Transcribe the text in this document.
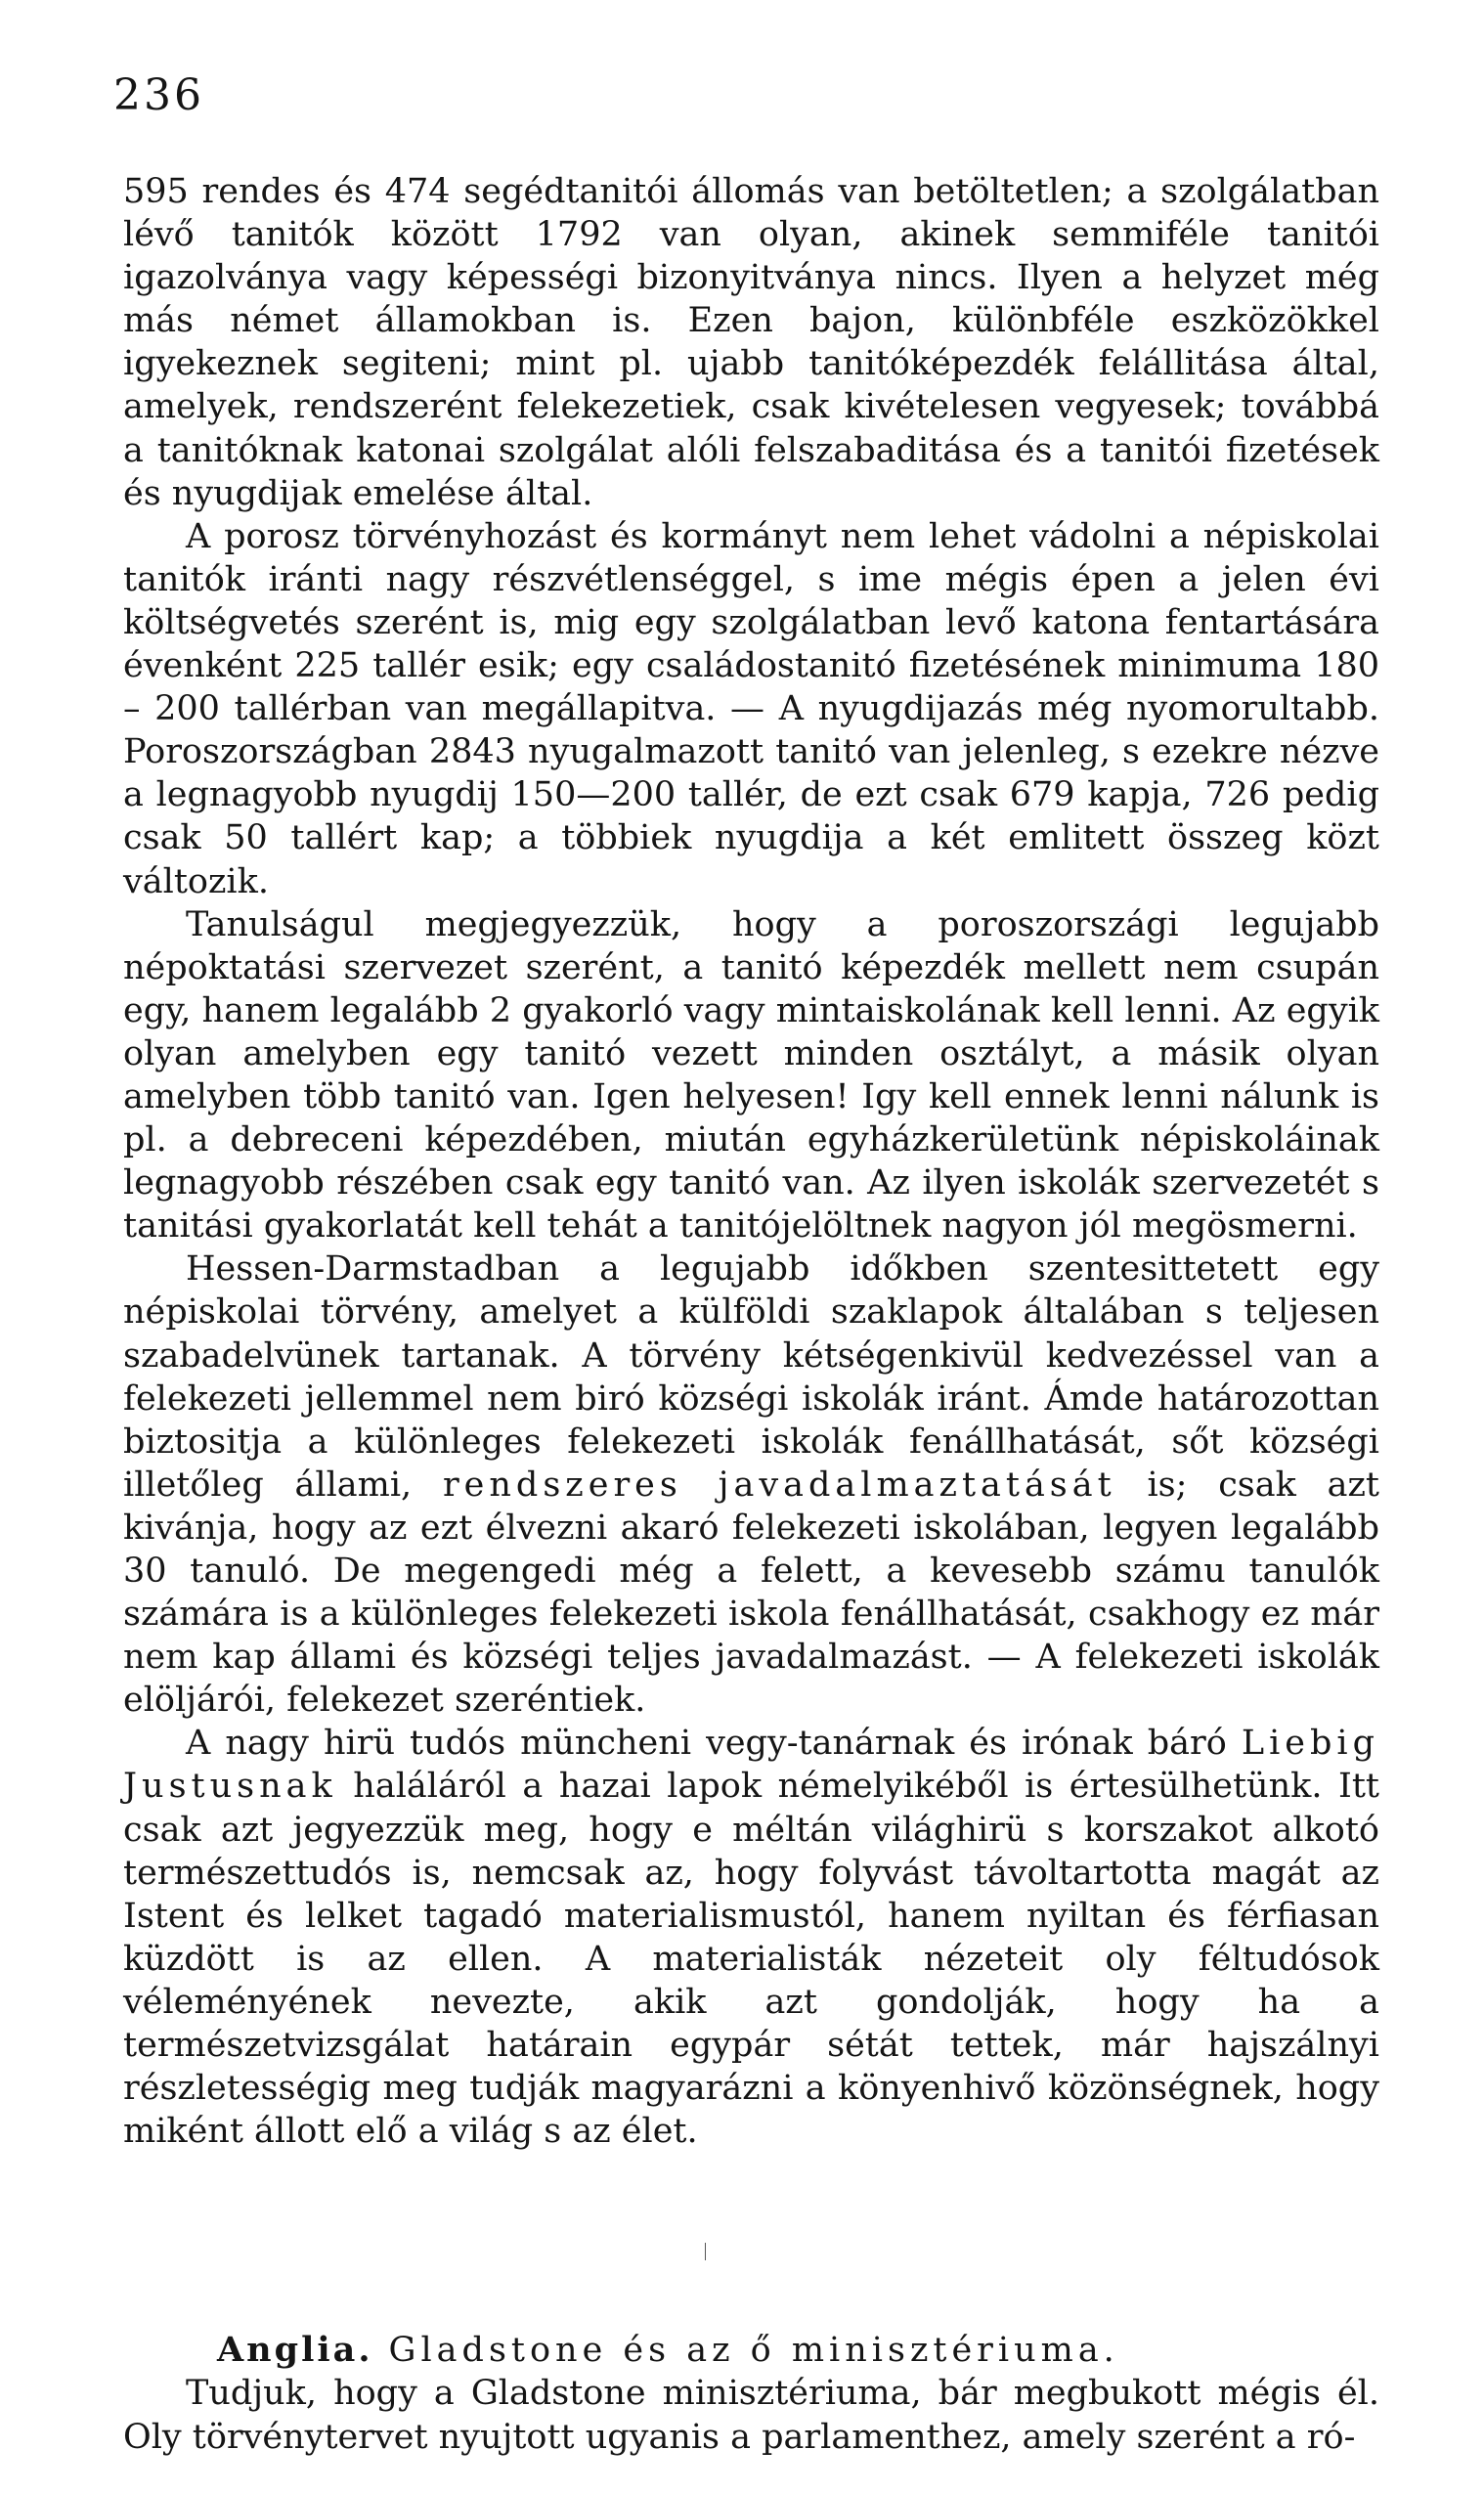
236

595 rendes és 474 segédtanitói állomás van betöltetlen; a szolgálatban lévő tanitók között 1792 van olyan, akinek semmiféle tanitói igazolványa vagy képességi bizonyitványa nincs. Ilyen a helyzet még más német államokban is. Ezen bajon, különbféle eszközökkel igyekeznek segiteni; mint pl. ujabb tanitóképezdék felállitása által, amelyek, rendszerént felekezetiek, csak kivételesen vegyesek; továbbá a tanitóknak katonai szolgálat alóli felszabaditása és a tanitói fizetések és nyugdijak emelése által.

A porosz törvényhozást és kormányt nem lehet vádolni a népiskolai tanitók iránti nagy részvétlenséggel, s ime mégis épen a jelen évi költségvetés szerént is, mig egy szolgálatban levő katona fentartására évenként 225 tallér esik; egy családostanitó fizetésének minimuma 180 – 200 tallérban van megállapitva. — A nyugdijazás még nyomorultabb. Poroszországban 2843 nyugalmazott tanitó van jelenleg, s ezekre nézve a legnagyobb nyugdij 150—200 tallér, de ezt csak 679 kapja, 726 pedig csak 50 tallért kap; a többiek nyugdija a két emlitett összeg közt változik.

Tanulságul megjegyezzük, hogy a poroszországi legujabb népoktatási szervezet szerént, a tanitó képezdék mellett nem csupán egy, hanem legalább 2 gyakorló vagy mintaiskolának kell lenni. Az egyik olyan amelyben egy tanitó vezett minden osztályt, a másik olyan amelyben több tanitó van. Igen helyesen! Igy kell ennek lenni nálunk is pl. a debreceni képezdében, miután egyházkerületünk népiskoláinak legnagyobb részében csak egy tanitó van. Az ilyen iskolák szervezetét s tanitási gyakorlatát kell tehát a tanitójelöltnek nagyon jól megösmerni.

Hessen-Darmstadban a legujabb időkben szentesittetett egy népiskolai törvény, amelyet a külföldi szaklapok általában s teljesen szabadelvünek tartanak. A törvény kétségenkivül kedvezéssel van a felekezeti jellemmel nem biró községi iskolák iránt. Ámde határozottan biztositja a különleges felekezeti iskolák fenállhatását, sőt községi illetőleg állami, rendszeres javadalmaztatását is; csak azt kivánja, hogy az ezt élvezni akaró felekezeti iskolában, legyen legalább 30 tanuló. De megengedi még a felett, a kevesebb számu tanulók számára is a különleges felekezeti iskola fenállhatását, csakhogy ez már nem kap állami és községi teljes javadalmazást. — A felekezeti iskolák elöljárói, felekezet szeréntiek.

A nagy hirü tudós müncheni vegy-tanárnak és irónak báró Liebig Justusnak haláláról a hazai lapok némelyikéből is értesülhetünk. Itt csak azt jegyezzük meg, hogy e méltán világhirü s korszakot alkotó természettudós is, nemcsak az, hogy folyvást távoltartotta magát az Istent és lelket tagadó materialismustól, hanem nyiltan és férfiasan küzdött is az ellen. A materialisták nézeteit oly féltudósok véleményének nevezte, akik azt gondolják, hogy ha a természetvizsgálat határain egypár sétát tettek, már hajszálnyi részletességig meg tudják magyarázni a könyenhivő közönségnek, hogy miként állott elő a világ s az élet.

Anglia. Gladstone és az ő minisztériuma.

Tudjuk, hogy a Gladstone minisztériuma, bár megbukott mégis él. Oly törvénytervet nyujtott ugyanis a parlamenthez, amely szerént a ró-
